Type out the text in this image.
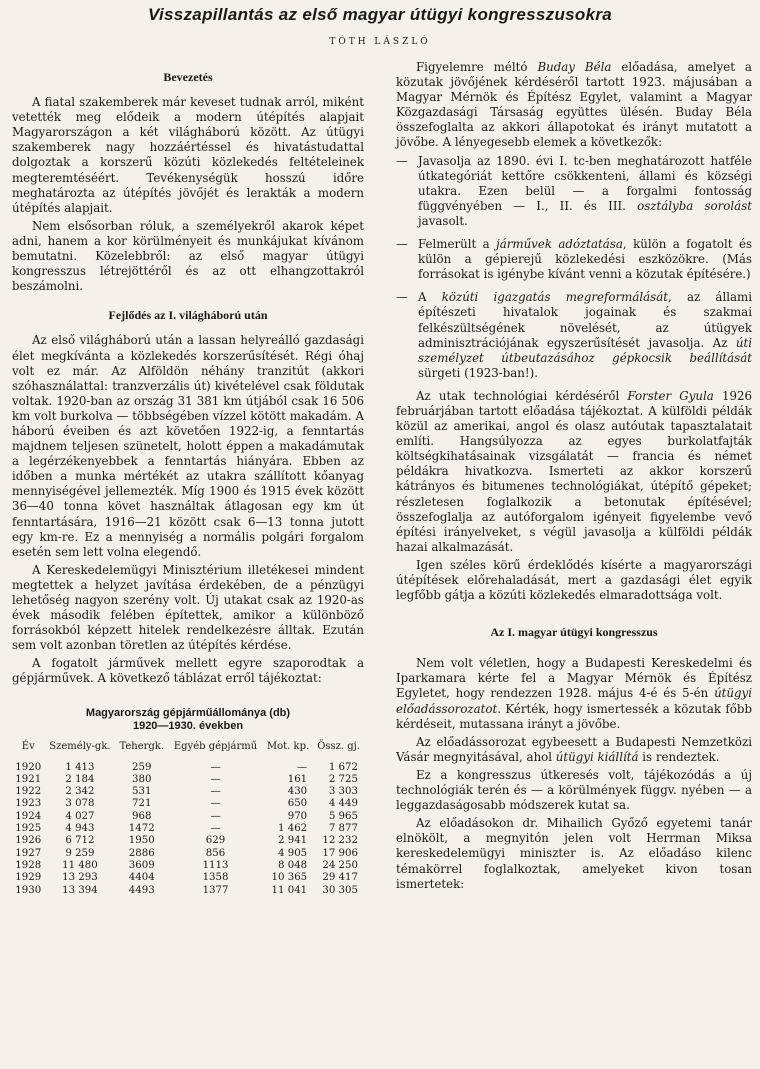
Visszapillantás az első magyar útügyi kongresszusokra
TÓTH LÁSZLÓ
Bevezetés

A fiatal szakemberek már keveset tudnak arról, miként vetették meg elődeik a modern útépítés alapjait Magyarországon a két világháború között. Az útügyi szakemberek nagy hozzáértéssel és hivatástudattal dolgoztak a korszerű közúti közlekedés feltételeinek megteremtéséért. Tevékenységük hosszú időre meghatározta az útépítés jövőjét és lerakták a modern útépítés alapjait.

Nem elsősorban róluk, a személyekről akarok képet adni, hanem a kor körülményeit és munkájukat kívánom bemutatni. Közelebbről: az első magyar útügyi kongresszus létrejöttéről és az ott elhangzottakról beszámolni.

Fejlődés az I. világháború után

Az első világháború után a lassan helyreálló gazdasági élet megkívánta a közlekedés korszerűsítését. Régi óhaj volt ez már. Az Alföldön néhány tranzitút (akkori szóhasználattal: tranzverzális út) kivételével csak földutak voltak. 1920-ban az ország 31 381 km útjából csak 16 506 km volt burkolva — többségében vízzel kötött makadám. A háború éveiben és azt követően 1922-ig, a fenntartás majdnem teljesen szünetelt, holott éppen a makadámutak a legérzékenyebbek a fenntartás hiányára. Ebben az időben a munka mértékét az utakra szállított kőanyag mennyiségével jellemezték. Míg 1900 és 1915 évek között 36—40 tonna követ használtak átlagosan egy km út fenntartására, 1916—21 között csak 6—13 tonna jutott egy km-re. Ez a mennyiség a normális polgári forgalom esetén sem lett volna elegendő.

A Kereskedelemügyi Minisztérium illetékesei mindent megtettek a helyzet javítása érdekében, de a pénzügyi lehetőség nagyon szerény volt. Új utakat csak az 1920-as évek második felében építettek, amikor a különböző forrásokból képzett hitelek rendelkezésre álltak. Ezután sem volt azonban töretlen az útépítés kérdése.

A fogatolt járművek mellett egyre szaporodtak a gépjárművek. A következő táblázat erről tájékoztat:

Magyarország gépjárműállománya (db)
1920—1930. években
Év	Személy-gk.	Tehergk.	Egyéb gépjármű	Mot. kp.	Össz. gj.
1920	1 413	259	—	—	1 672
1921	2 184	380	—	161	2 725
1922	2 342	531	—	430	3 303
1923	3 078	721	—	650	4 449
1924	4 027	968	—	970	5 965
1925	4 943	1472	—	1 462	7 877
1926	6 712	1950	629	2 941	12 232
1927	9 259	2886	856	4 905	17 906
1928	11 480	3609	1113	8 048	24 250
1929	13 293	4404	1358	10 365	29 417
1930	13 394	4493	1377	11 041	30 305

Figyelemre méltó Buday Béla előadása, amelyet a közutak jövőjének kérdéséről tartott 1923. májusában a Magyar Mérnök és Építész Egylet, valamint a Magyar Közgazdasági Társaság együttes ülésén. Buday Béla összefoglalta az akkori állapotokat és irányt mutatott a jövőbe. A lényegesebb elemek a következők:

— Javasolja az 1890. évi I. tc-ben meghatározott hatféle útkategóriát kettőre csökkenteni, állami és községi utakra. Ezen belül — a forgalmi fontosság függvényében — I., II. és III. osztályba sorolást javasolt.
— Felmerült a járművek adóztatása, külön a fogatolt és külön a gépierejű közlekedési eszközökre. (Más forrásokat is igénybe kívánt venni a közutak építésére.)
— A közúti igazgatás megreformálását, az állami építészeti hivatalok jogainak és szakmai felkészültségének növelését, az útügyek adminisztrációjának egyszerűsítését javasolja. Az úti személyzet útbeutazásához gépkocsik beállítását sürgeti (1923-ban!).

Az utak technológiai kérdéséről Forster Gyula 1926 februárjában tartott előadása tájékoztat. A külföldi példák közül az amerikai, angol és olasz autóutak tapasztalatait említi. Hangsúlyozza az egyes burkolatfajták költségkihatásainak vizsgálatát — francia és német példákra hivatkozva. Ismerteti az akkor korszerű kátrányos és bitumenes technológiákat, útépítő gépeket; részletesen foglalkozik a betonutak építésével; összefoglalja az autóforgalom igényeit figyelembe vevő építési irányelveket, s végül javasolja a külföldi példák hazai alkalmazását.

Igen széles körű érdeklődés kísérte a magyarországi útépítések előrehaladását, mert a gazdasági élet egyik legfőbb gátja a közúti közlekedés elmaradottsága volt.

Az I. magyar útügyi kongresszus

Nem volt véletlen, hogy a Budapesti Kereskedelmi és Iparkamara kérte fel a Magyar Mérnök és Építész Egyletet, hogy rendezzen 1928. május 4-é és 5-én útügyi előadássorozatot. Kérték, hogy ismertessék a közutak főbb kérdéseit, mutassana irányt a jövőbe.

Az előadássorozat egybeesett a Budapesti Nemzetközi Vásár megnyitásával, ahol útügyi kiállítá is rendeztek.

Ez a kongresszus útkeresés volt, tájékozódás a új technológiák terén és — a körülmények függv. nyében — a leggazdaságosabb módszerek kutat sa.

Az előadásokon dr. Mihailich Győző egyetemi tanár elnökölt, a megnyitón jelen volt Herrman Miksa kereskedelemügyi miniszter is. Az előadáso kilenc témakörrel foglalkoztak, amelyeket kivon tosan ismertetek:
